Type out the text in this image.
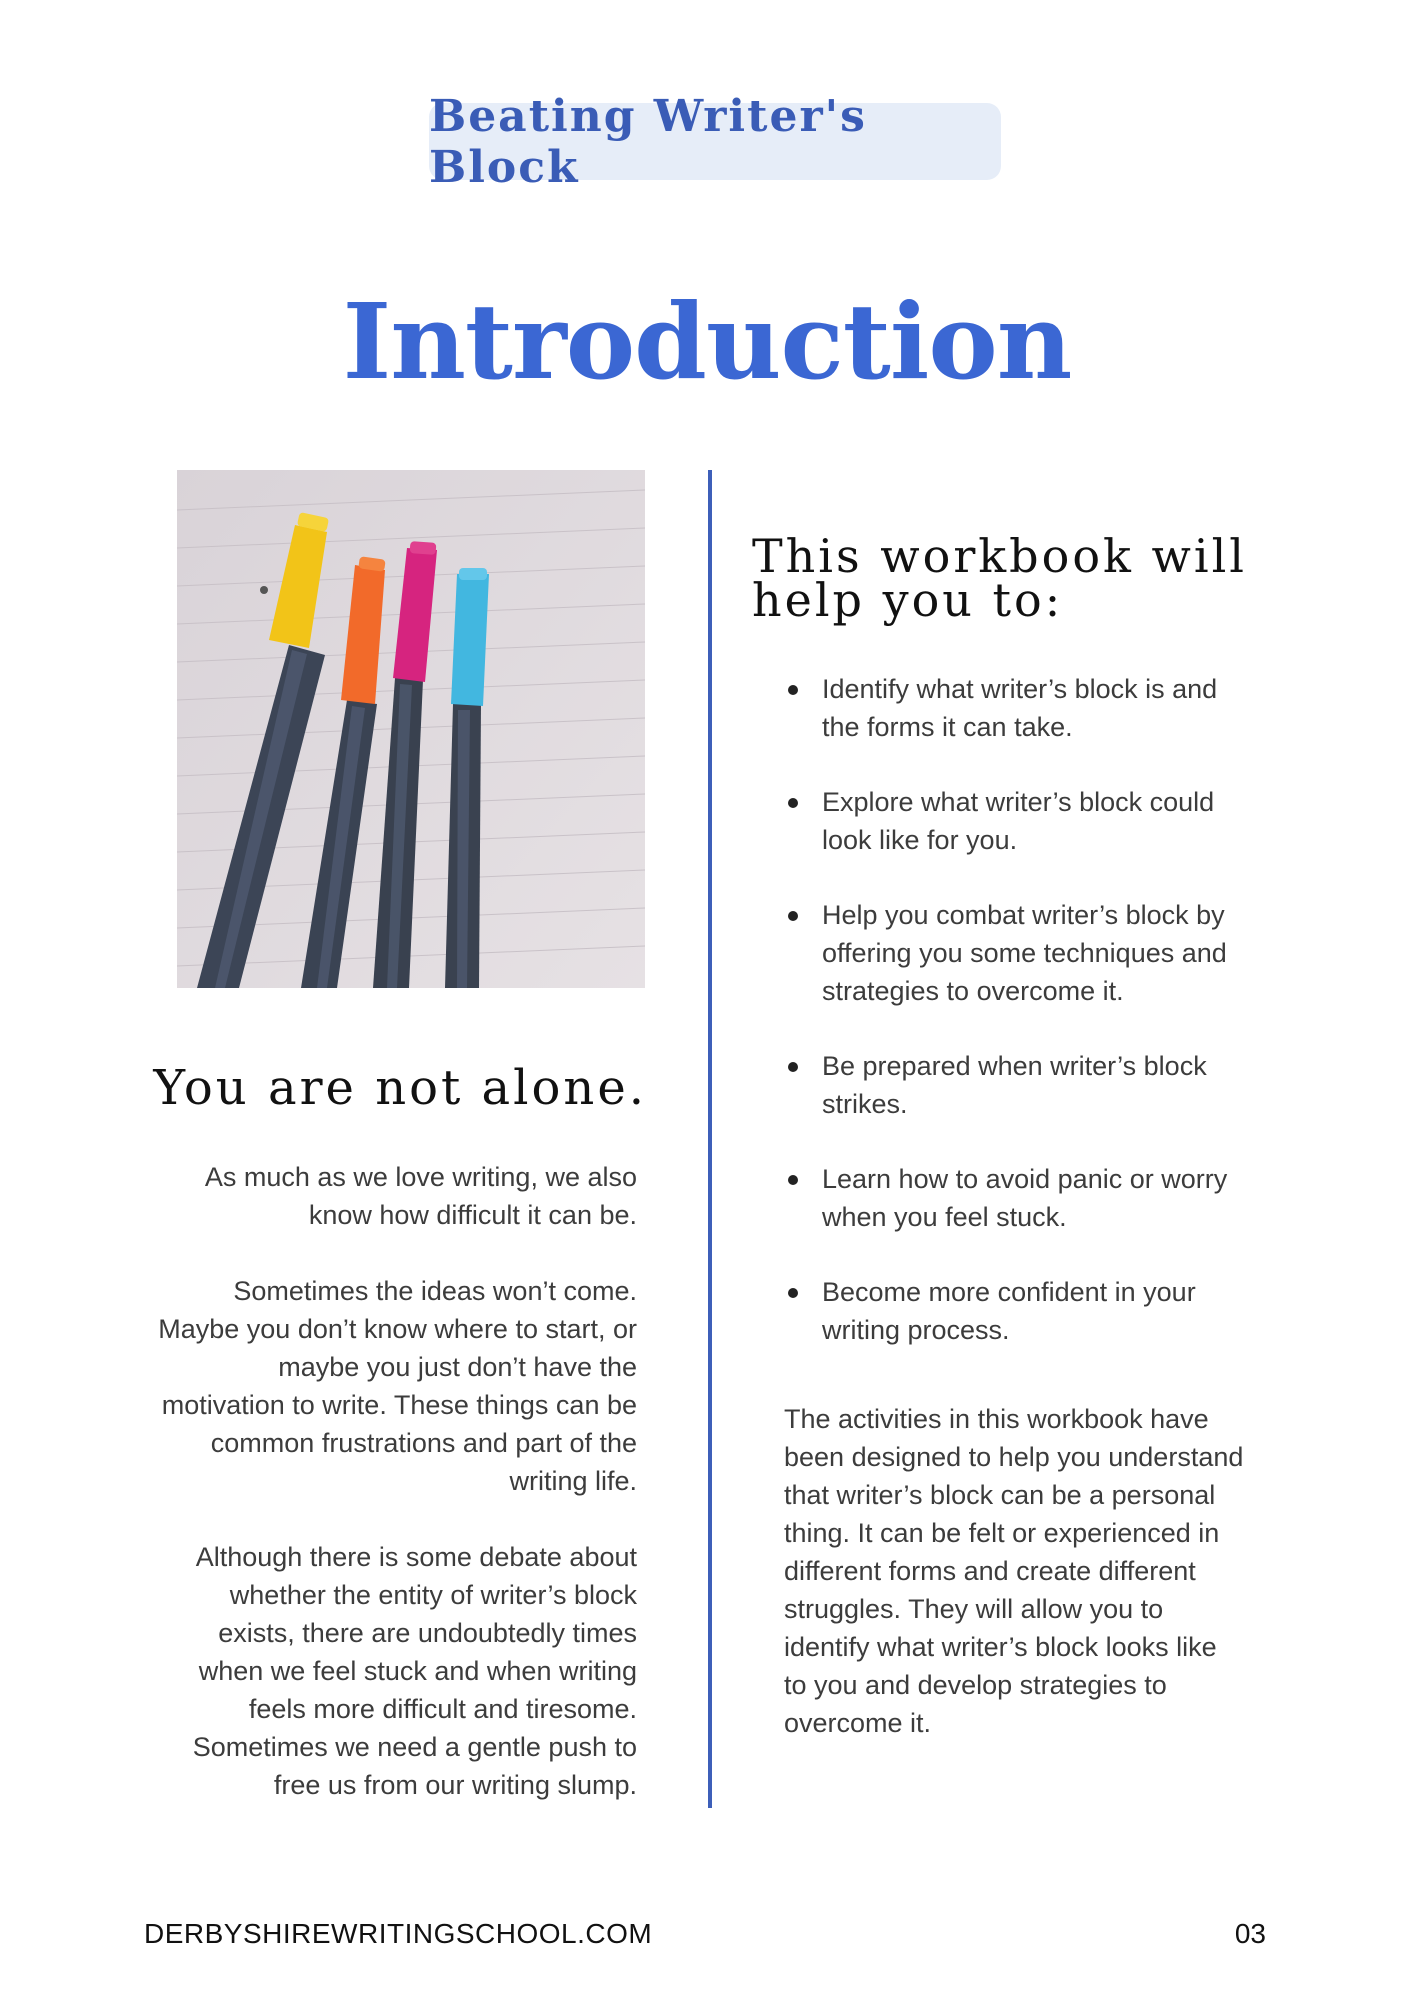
Beating Writer's Block
Introduction
You are not alone.

As much as we love writing, we also know how difficult it can be.

Sometimes the ideas won’t come. Maybe you don’t know where to start, or maybe you just don’t have the motivation to write. These things can be common frustrations and part of the writing life.

Although there is some debate about whether the entity of writer’s block exists, there are undoubtedly times when we feel stuck and when writing feels more difficult and tiresome. Sometimes we need a gentle push to free us from our writing slump.

This workbook will help you to:
Identify what writer’s block is and the forms it can take.
Explore what writer’s block could look like for you.
Help you combat writer’s block by offering you some techniques and strategies to overcome it.
Be prepared when writer’s block strikes.
Learn how to avoid panic or worry when you feel stuck.
Become more confident in your writing process.

The activities in this workbook have been designed to help you understand that writer’s block can be a personal thing. It can be felt or experienced in different forms and create different struggles. They will allow you to identify what writer’s block looks like to you and develop strategies to overcome it.

DERBYSHIREWRITINGSCHOOL.COM	03
